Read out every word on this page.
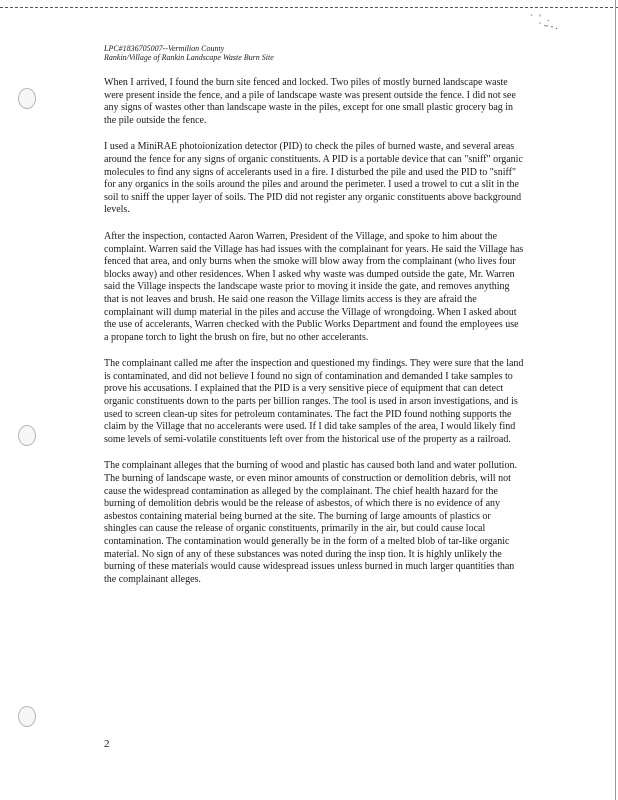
` ' .
`~-.
LPC#1836705007--Vermilion County
Rankin/Village of Rankin Landscape Waste Burn Site

When I arrived, I found the burn site fenced and locked. Two piles of mostly burned landscape waste were present inside the fence, and a pile of landscape waste was present outside the fence. I did not see any signs of wastes other than landscape waste in the piles, except for one small plastic grocery bag in the pile outside the fence.

I used a MiniRAE photoionization detector (PID) to check the piles of burned waste, and several areas around the fence for any signs of organic constituents. A PID is a portable device that can "sniff" organic molecules to find any signs of accelerants used in a fire. I disturbed the pile and used the PID to "sniff" for any organics in the soils around the piles and around the perimeter. I used a trowel to cut a slit in the soil to sniff the upper layer of soils. The PID did not register any organic constituents above background levels.

After the inspection, contacted Aaron Warren, President of the Village, and spoke to him about the complaint. Warren said the Village has had issues with the complainant for years. He said the Village has fenced that area, and only burns when the smoke will blow away from the complainant (who lives four blocks away) and other residences. When I asked why waste was dumped outside the gate, Mr. Warren said the Village inspects the landscape waste prior to moving it inside the gate, and removes anything that is not leaves and brush. He said one reason the Village limits access is they are afraid the complainant will dump material in the piles and accuse the Village of wrongdoing. When I asked about the use of accelerants, Warren checked with the Public Works Department and found the employees use a propane torch to light the brush on fire, but no other accelerants.

The complainant called me after the inspection and questioned my findings. They were sure that the land is contaminated, and did not believe I found no sign of contamination and demanded I take samples to prove his accusations. I explained that the PID is a very sensitive piece of equipment that can detect organic constituents down to the parts per billion ranges. The tool is used in arson investigations, and is used to screen clean-up sites for petroleum contaminates. The fact the PID found nothing supports the claim by the Village that no accelerants were used. If I did take samples of the area, I would likely find some levels of semi-volatile constituents left over from the historical use of the property as a railroad.

The complainant alleges that the burning of wood and plastic has caused both land and water pollution. The burning of landscape waste, or even minor amounts of construction or demolition debris, will not cause the widespread contamination as alleged by the complainant. The chief health hazard for the burning of demolition debris would be the release of asbestos, of which there is no evidence of any asbestos containing material being burned at the site. The burning of large amounts of plastics or shingles can cause the release of organic constituents, primarily in the air, but could cause local contamination. The contamination would generally be in the form of a melted blob of tar-like organic material. No sign of any of these substances was noted during the insp tion. It is highly unlikely the burning of these materials would cause widespread issues unless burned in much larger quantities than the complainant alleges.

2
